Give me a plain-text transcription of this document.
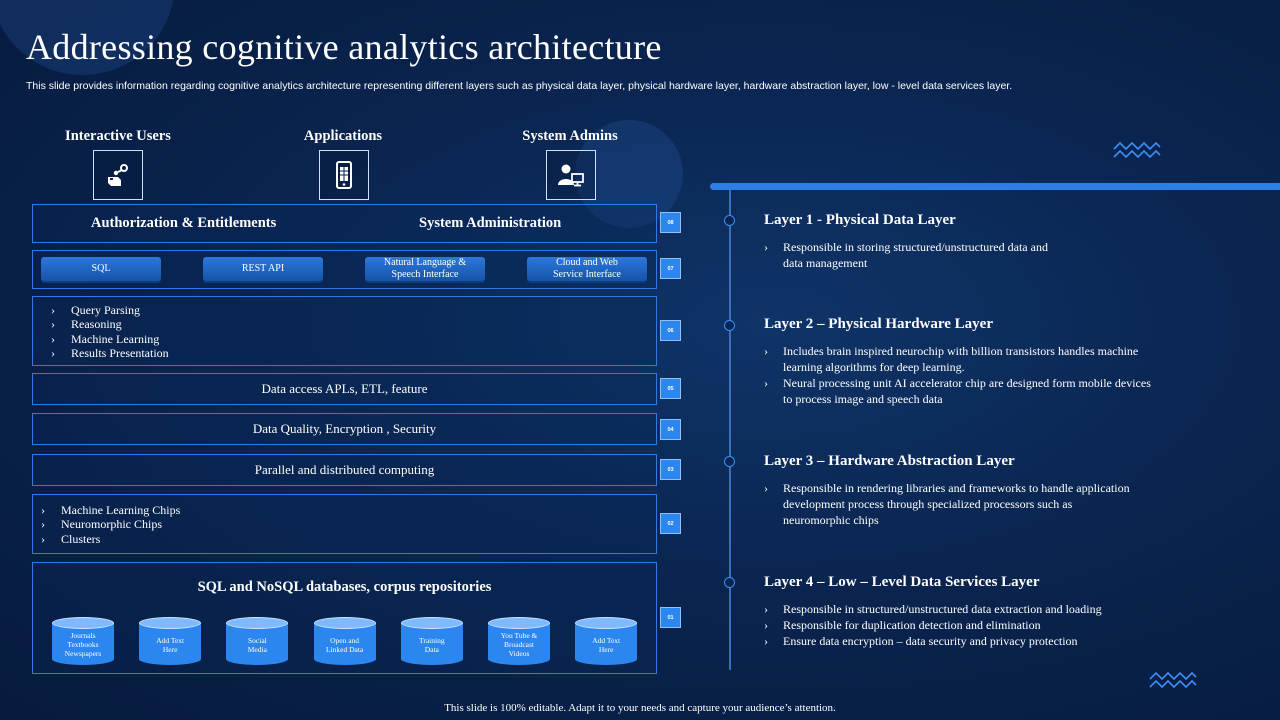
Addressing cognitive analytics architecture
This slide provides information regarding cognitive analytics architecture representing different layers such as physical data layer, physical hardware layer, hardware abstraction layer, low - level data services layer.
Interactive Users	Applications	System Admins
Authorization & Entitlements	System Administration	08
SQL	REST API
Natural Language & Speech Interface
Cloud and Web Service Interface
07
› Query Parsing
› Reasoning
› Machine Learning
› Results Presentation
06
Data access APLs, ETL, feature	05
Data Quality, Encryption , Security	04
Parallel and distributed computing	03
› Machine Learning Chips
› Neuromorphic Chips
› Clusters
02
SQL and NoSQL databases, corpus repositories
Journals
Textbooks
Newspapers
Add Text
Here
Social
Media
Open and
Linked Data
Training
Data
You Tube &
Broadcast
Videos
Add Text
Here
01
Layer 1 - Physical Data Layer
› Responsible in storing structured/unstructured data and
data management
Layer 2 – Physical Hardware Layer
› Includes brain inspired neurochip with billion transistors handles machine
learning algorithms for deep learning.
› Neural processing unit AI accelerator chip are designed form mobile devices
to process image and speech data
Layer 3 – Hardware Abstraction Layer
› Responsible in rendering libraries and frameworks to handle application
development process through specialized processors such as
neuromorphic chips
Layer 4 – Low – Level Data Services Layer
› Responsible in structured/unstructured data extraction and loading
› Responsible for duplication detection and elimination
› Ensure data encryption – data security and privacy protection
This slide is 100% editable. Adapt it to your needs and capture your audience’s attention.
